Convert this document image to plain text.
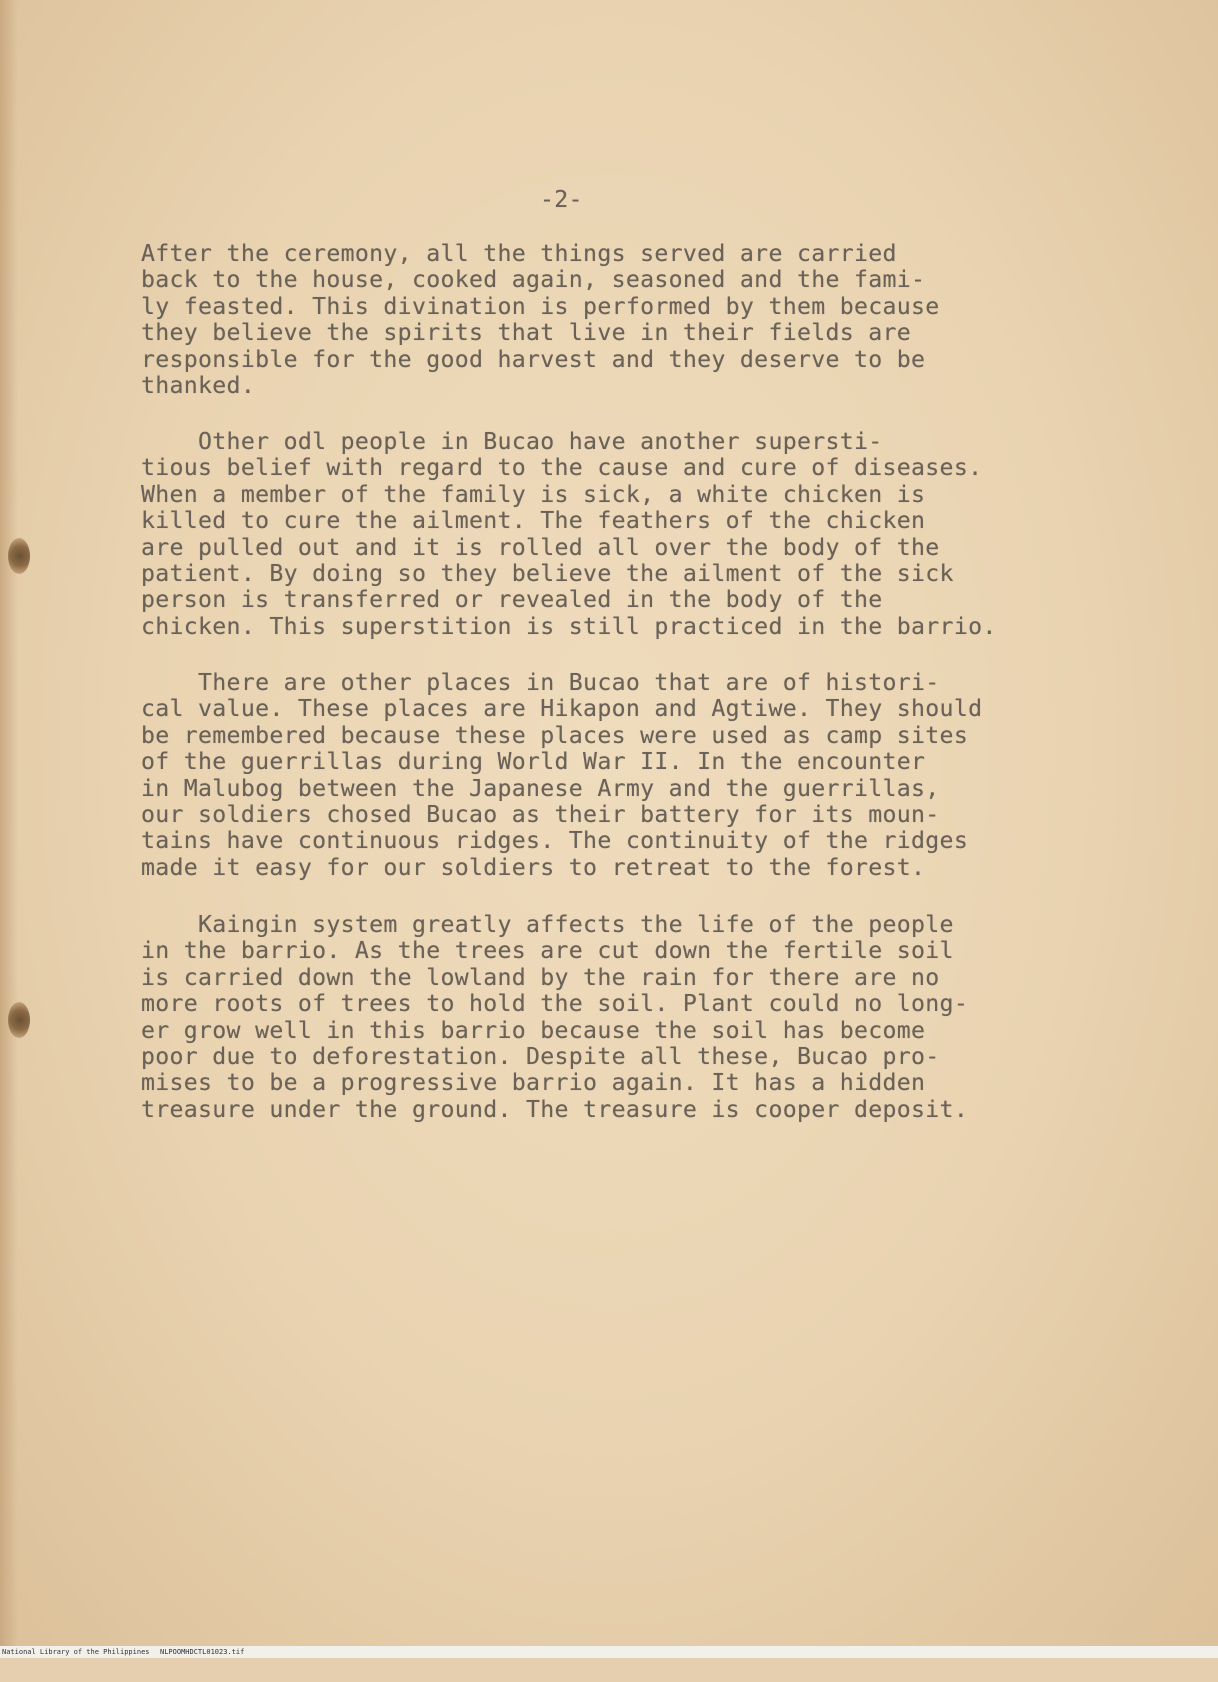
-2-

After the ceremony, all the things served are carried
back to the house, cooked again, seasoned and the fami-
ly feasted. This divination is performed by them because
they believe the spirits that live in their fields are
responsible for the good harvest and they deserve to be
thanked.

Other odl people in Bucao have another supersti-
tious belief with regard to the cause and cure of diseases.
When a member of the family is sick, a white chicken is
killed to cure the ailment. The feathers of the chicken
are pulled out and it is rolled all over the body of the
patient. By doing so they believe the ailment of the sick
person is transferred or revealed in the body of the
chicken. This superstition is still practiced in the barrio.

There are other places in Bucao that are of histori-
cal value. These places are Hikapon and Agtiwe. They should
be remembered because these places were used as camp sites
of the guerrillas during World War II. In the encounter
in Malubog between the Japanese Army and the guerrillas,
our soldiers chosed Bucao as their battery for its moun-
tains have continuous ridges. The continuity of the ridges
made it easy for our soldiers to retreat to the forest.

Kaingin system greatly affects the life of the people
in the barrio. As the trees are cut down the fertile soil
is carried down the lowland by the rain for there are no
more roots of trees to hold the soil. Plant could no long-
er grow well in this barrio because the soil has become
poor due to deforestation. Despite all these, Bucao pro-
mises to be a progressive barrio again. It has a hidden
treasure under the ground. The treasure is cooper deposit.

National Library of the Philippines

NLPOOMHDCTL01023.tif
